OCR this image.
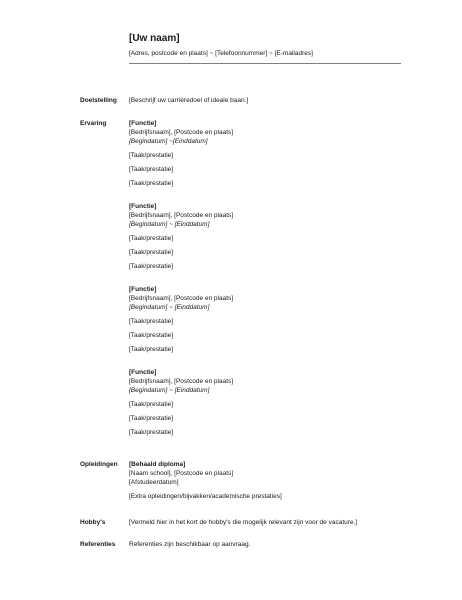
[Uw naam]
[Adres, postcode en plaats] ~ [Telefoonnummer] ~ [E-mailadres]
Doelstelling	[Beschrijf uw carrièredoel of ideale baan.]
Ervaring	[Functie]
[Bedrijfsnaam], [Postcode en plaats]
[Begindatum] ~[Einddatum]
[Taak/prestatie]
[Taak/prestatie]
[Taak/prestatie]
[Functie]
[Bedrijfsnaam], [Postcode en plaats]
[Begindatum] ~ [Einddatum]
[Taak/prestatie]
[Taak/prestatie]
[Taak/prestatie]
[Functie]
[Bedrijfsnaam], [Postcode en plaats]
[Begindatum] ~ [Einddatum]
[Taak/prestatie]
[Taak/prestatie]
[Taak/prestatie]
[Functie]
[Bedrijfsnaam], [Postcode en plaats]
[Begindatum] ~ [Einddatum]
[Taak/prestatie]
[Taak/prestatie]
[Taak/prestatie]
Opleidingen	[Behaald diploma]
[Naam school], [Postcode en plaats]
[Afstudeerdatum]
[Extra opleidingen/bijvakken/academische prestaties]
Hobby's	[Vermeld hier in het kort de hobby's die mogelijk relevant zijn voor de vacature.]
Referenties	Referenties zijn beschikbaar op aanvraag.
